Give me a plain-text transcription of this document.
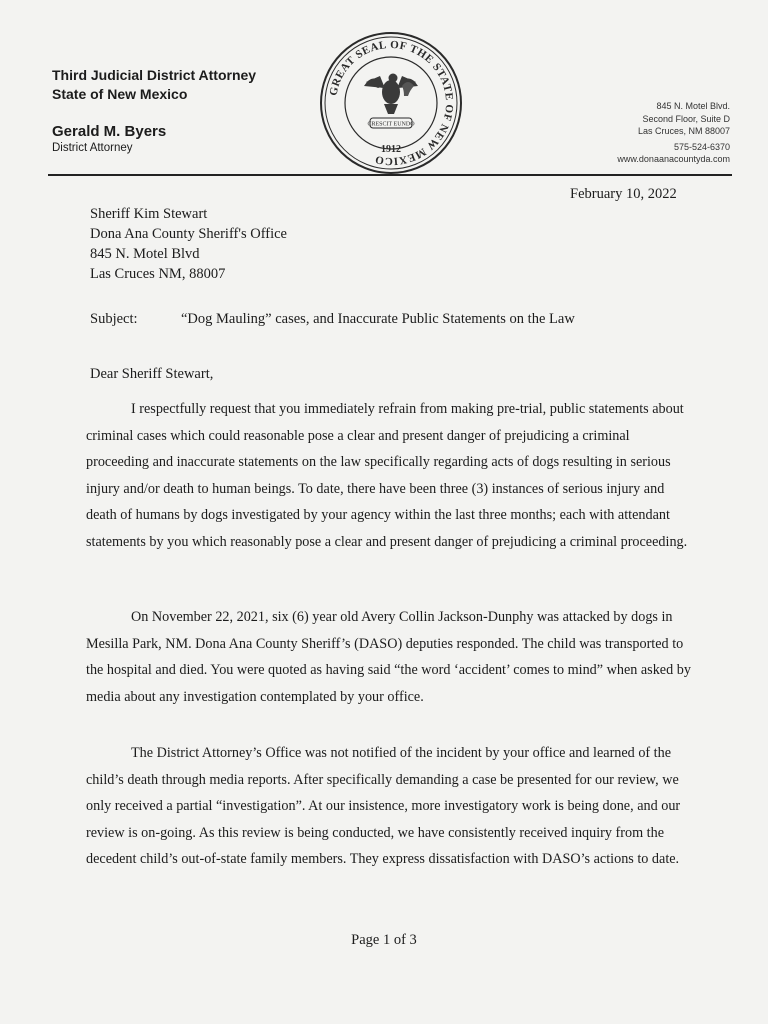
Third Judicial District Attorney
State of New Mexico
Gerald M. Byers
District Attorney
GREAT SEAL OF THE STATE OF NEW MEXICO
CRESCIT EUNDO
1912
845 N. Motel Blvd.
Second Floor, Suite D
Las Cruces, NM 88007
575-524-6370
www.donaanacountyda.com
February 10, 2022
Sheriff Kim Stewart
Dona Ana County Sheriff's Office
845 N. Motel Blvd
Las Cruces NM, 88007
Subject:	“Dog Mauling” cases, and Inaccurate Public Statements on the Law
Dear Sheriff Stewart,

I respectfully request that you immediately refrain from making pre-trial, public statements about criminal cases which could reasonable pose a clear and present danger of prejudicing a criminal proceeding and inaccurate statements on the law specifically regarding acts of dogs resulting in serious injury and/or death to human beings. To date, there have been three (3) instances of serious injury and death of humans by dogs investigated by your agency within the last three months; each with attendant statements by you which reasonably pose a clear and present danger of prejudicing a criminal proceeding.

On November 22, 2021, six (6) year old Avery Collin Jackson-Dunphy was attacked by dogs in Mesilla Park, NM. Dona Ana County Sheriff’s (DASO) deputies responded. The child was transported to the hospital and died. You were quoted as having said “the word ‘accident’ comes to mind” when asked by media about any investigation contemplated by your office.

The District Attorney’s Office was not notified of the incident by your office and learned of the child’s death through media reports. After specifically demanding a case be presented for our review, we only received a partial “investigation”. At our insistence, more investigatory work is being done, and our review is on-going. As this review is being conducted, we have consistently received inquiry from the decedent child’s out-of-state family members. They express dissatisfaction with DASO’s actions to date.

Page 1 of 3
